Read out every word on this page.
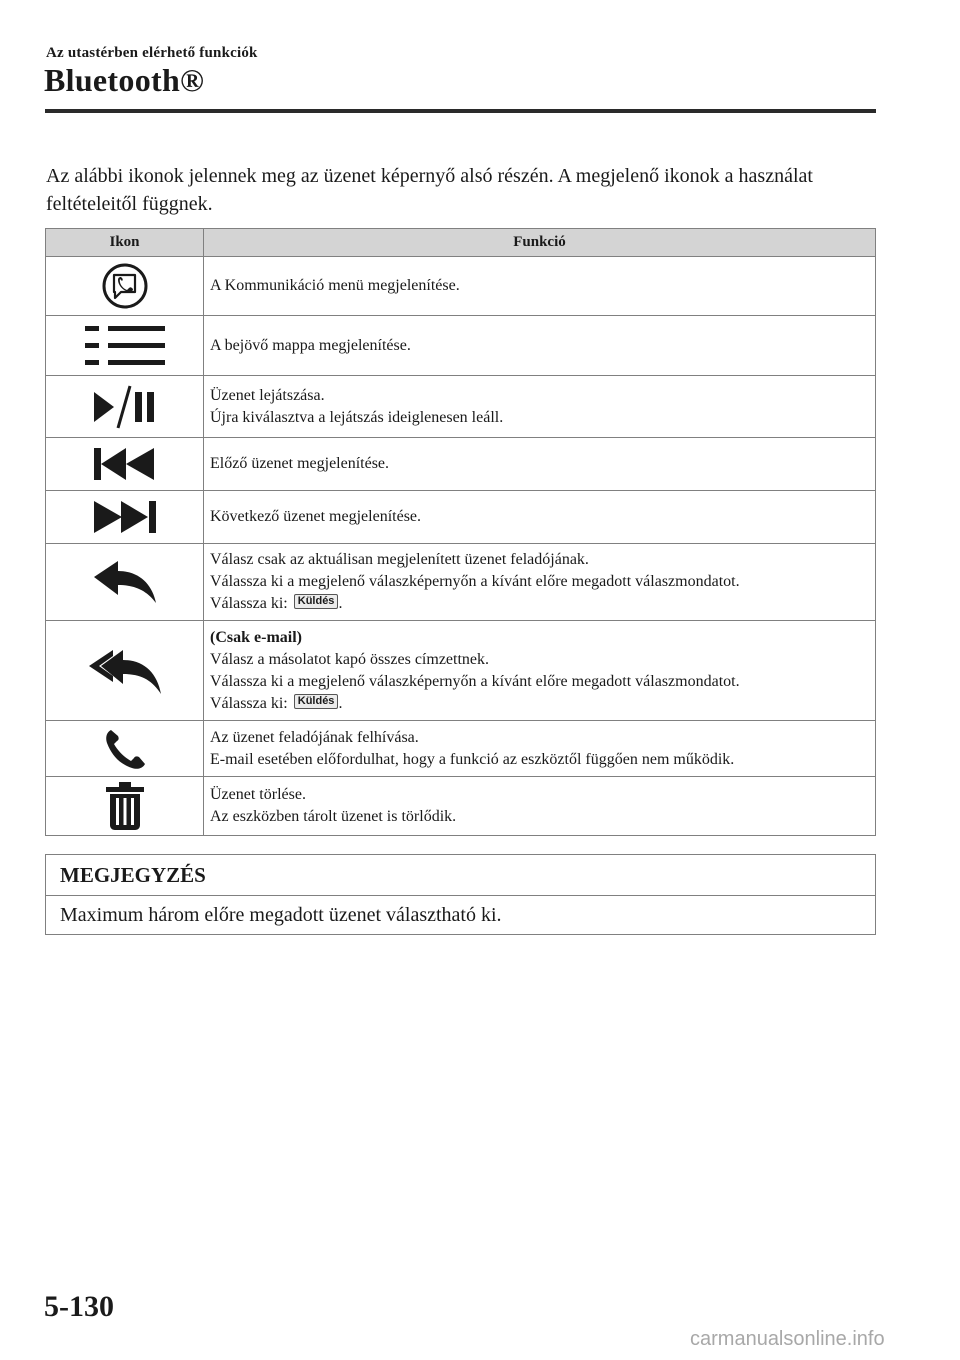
Az utastérben elérhető funkciók
Bluetooth®
Az alábbi ikonok jelennek meg az üzenet képernyő alsó részén. A megjelenő ikonok a használat feltételeitől függnek.
Ikon	Funkció

A Kommunikáció menü megjelenítése.

A bejövő mappa megjelenítése.

Üzenet lejátszása.
Újra kiválasztva a lejátszás ideiglenesen leáll.

Előző üzenet megjelenítése.

Következő üzenet megjelenítése.

Válasz csak az aktuálisan megjelenített üzenet feladójának.
Válassza ki a megjelenő válaszképernyőn a kívánt előre megadott válaszmondatot.
Válassza ki: Küldés .

(Csak e-mail)
Válasz a másolatot kapó összes címzettnek.
Válassza ki a megjelenő válaszképernyőn a kívánt előre megadott válaszmondatot.
Válassza ki: Küldés .

Az üzenet feladójának felhívása.
E-mail esetében előfordulhat, hogy a funkció az eszköztől függően nem működik.

Üzenet törlése.
Az eszközben tárolt üzenet is törlődik.
MEGJEGYZÉS
Maximum három előre megadott üzenet választható ki.
5-130
carmanualsonline.info
